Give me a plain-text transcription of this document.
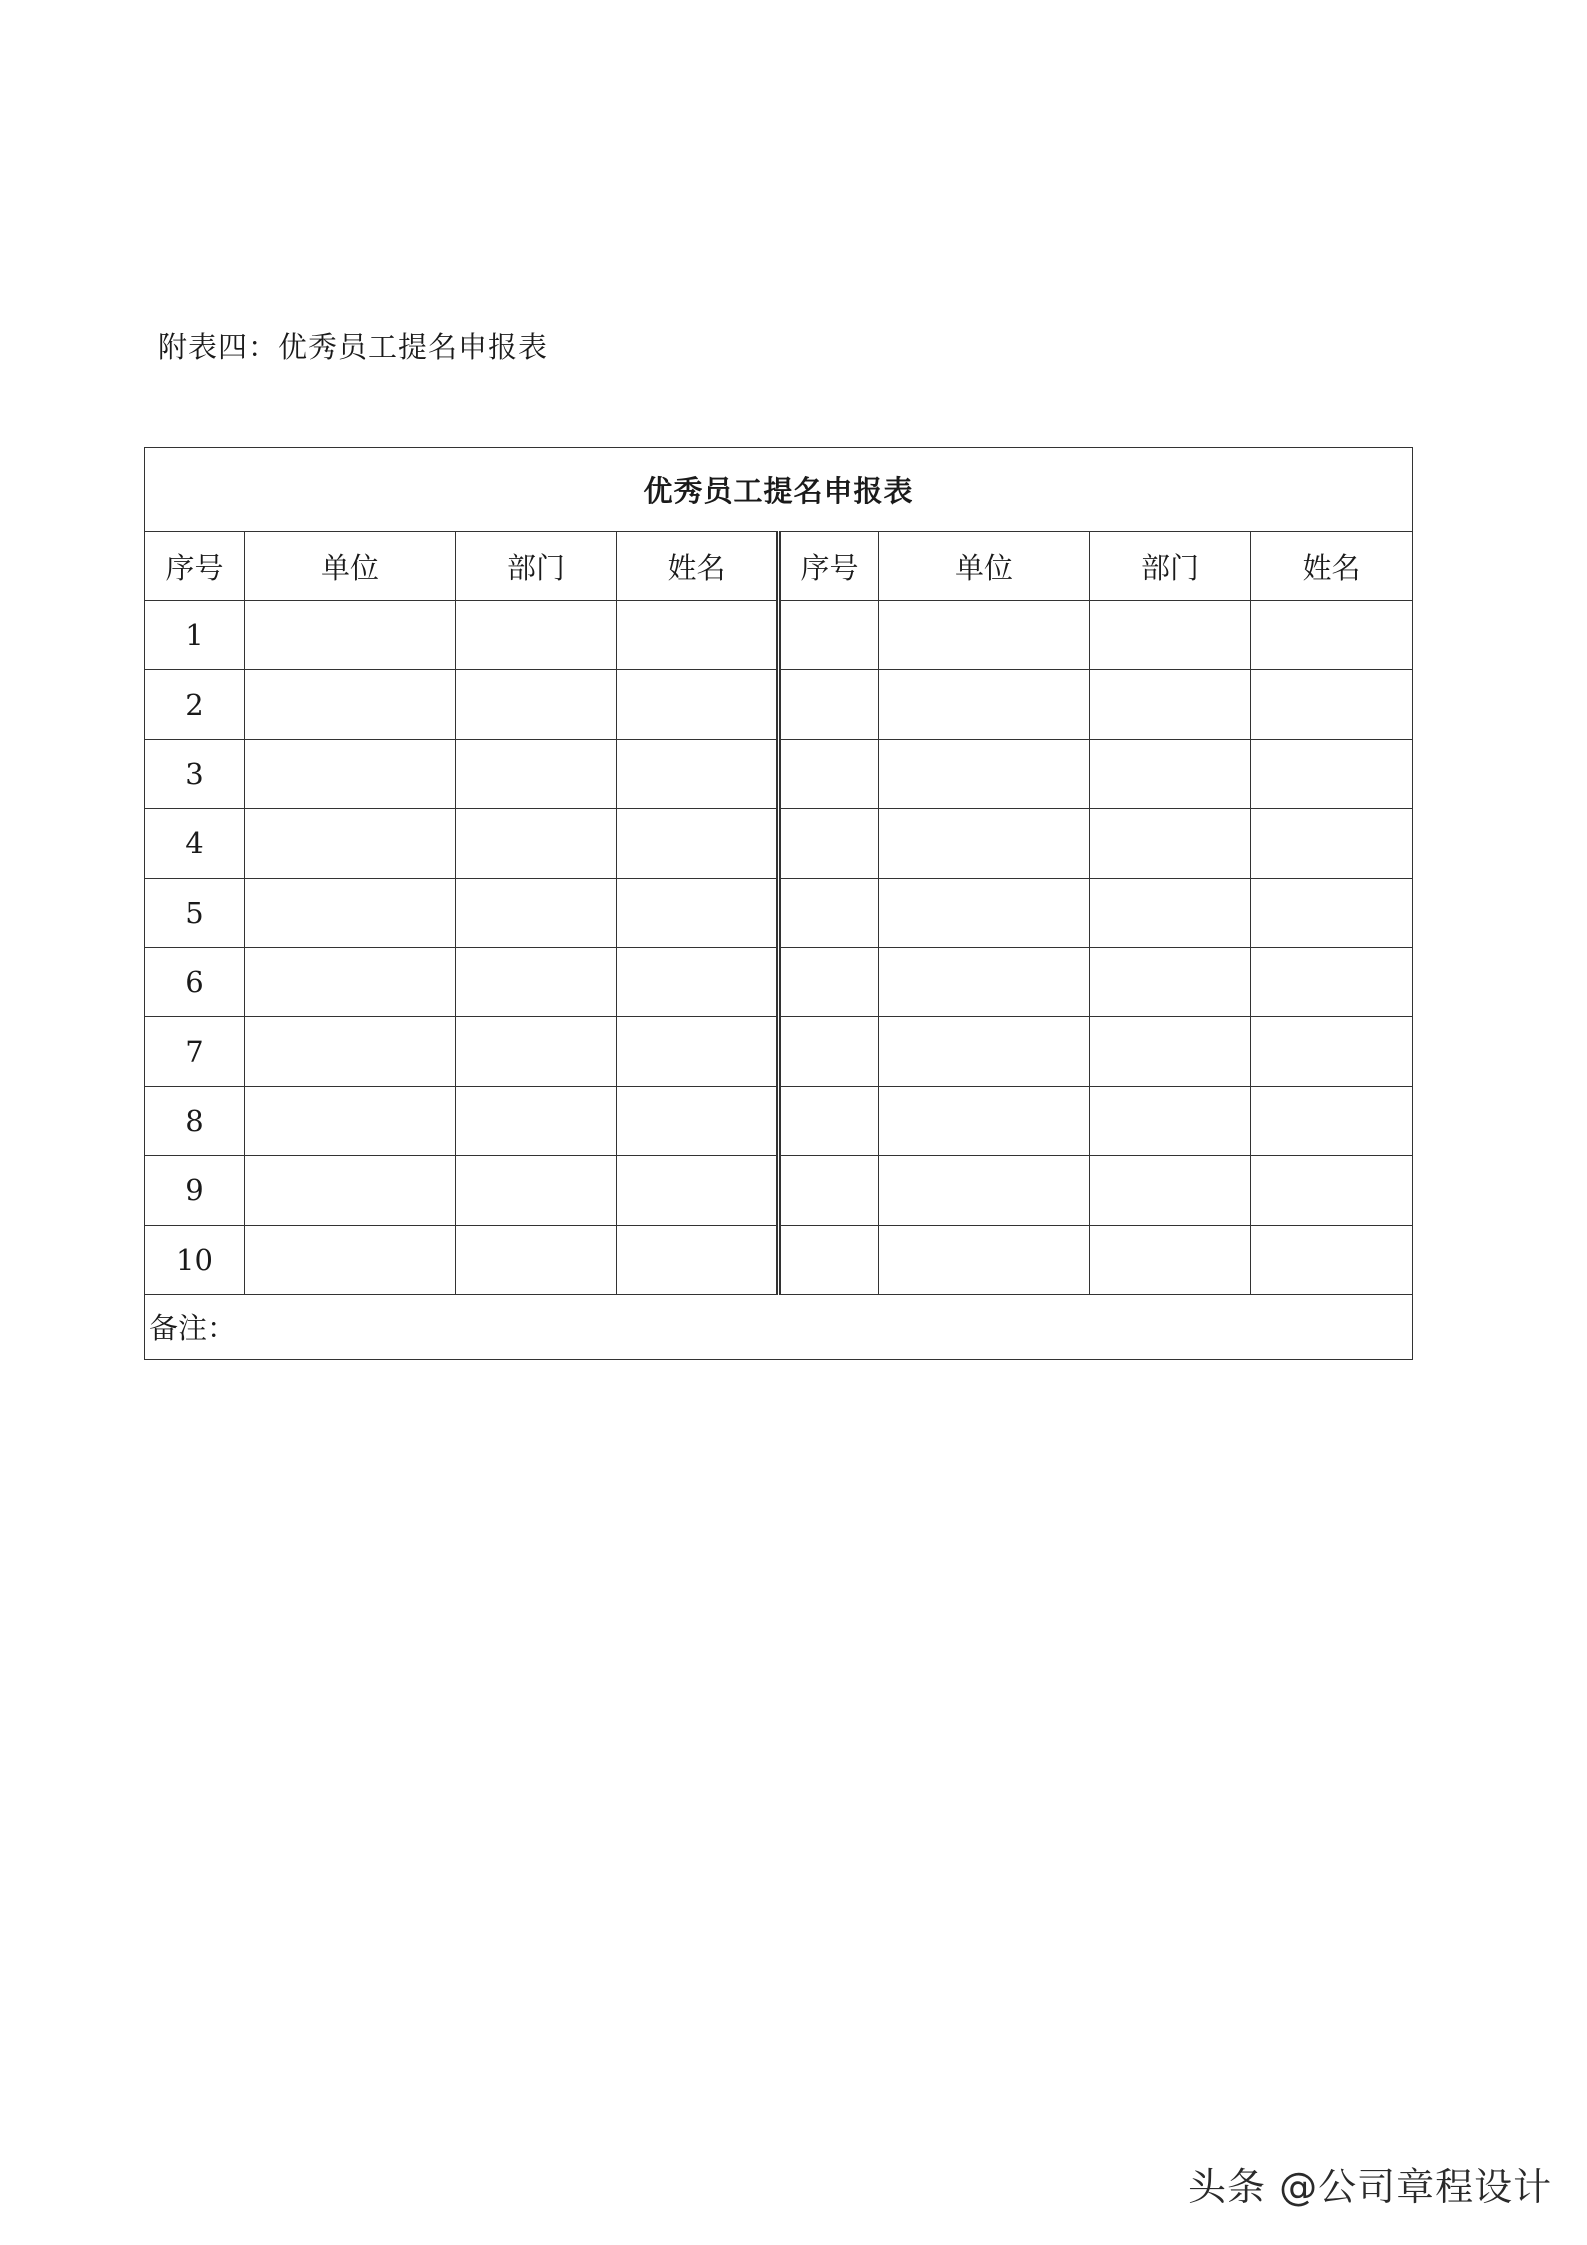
附表四：优秀员工提名申报表
优秀员工提名申报表							
序号	单位	部门	姓名	序号	单位	部门	姓名
1							
2							
3							
4							
5							
6							
7							
8							
9							
10							
备注：							
头条 @公司章程设计
